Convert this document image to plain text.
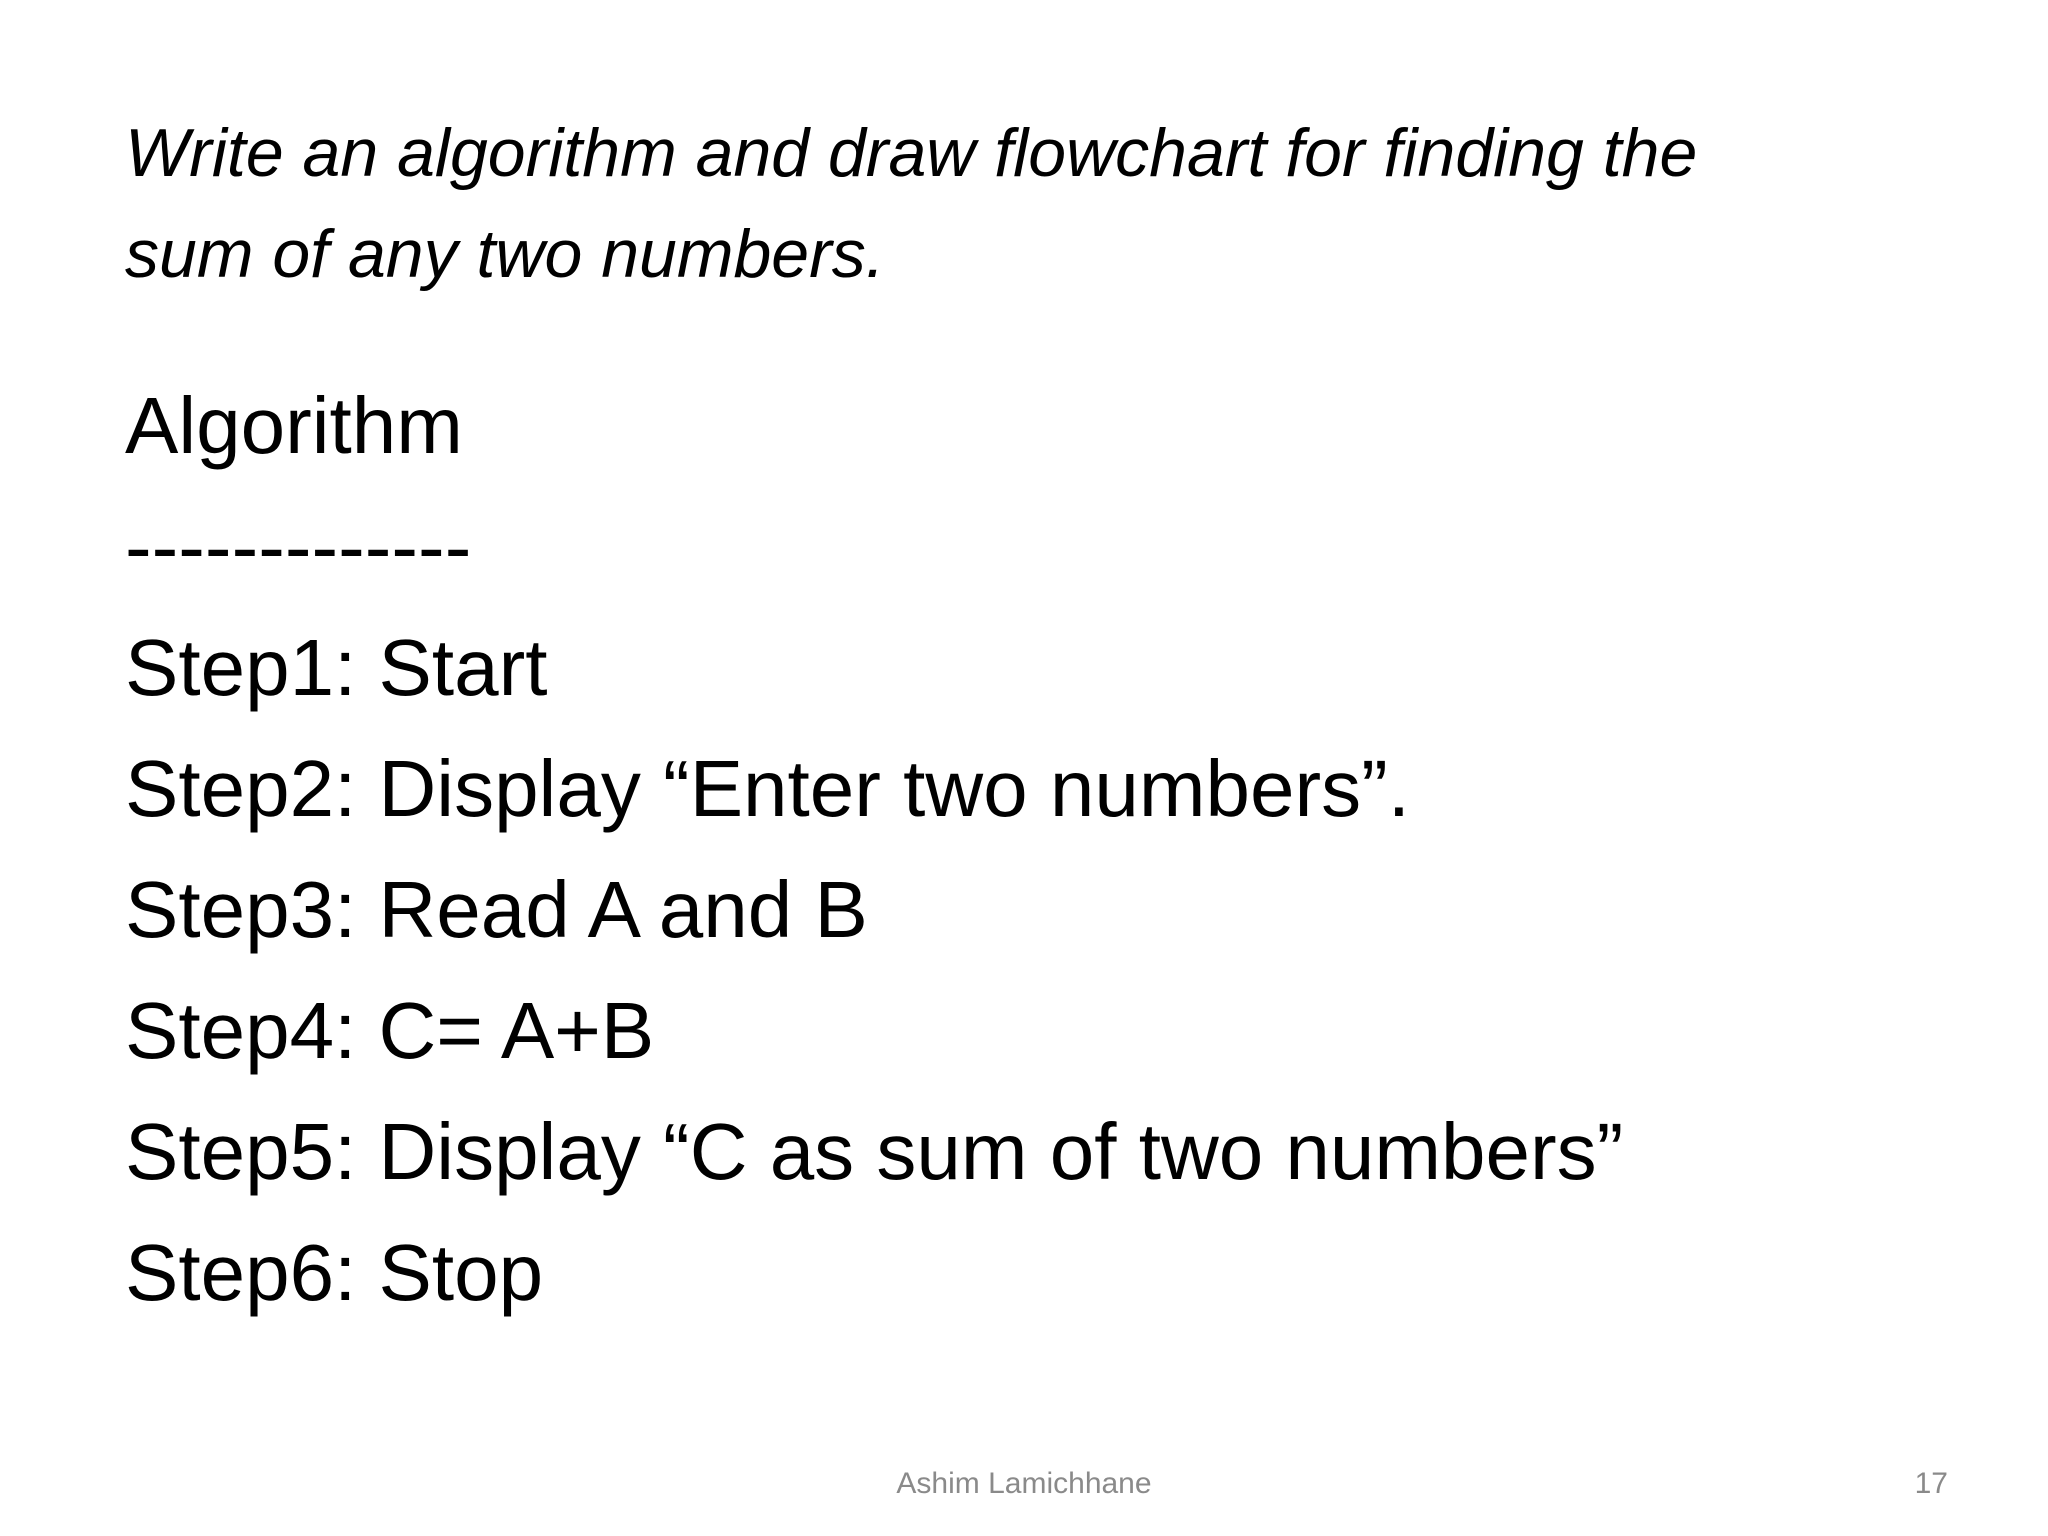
Write an algorithm and draw flowchart for finding the
sum of any two numbers.

Algorithm
-------------
Step1: Start
Step2: Display “Enter two numbers”.
Step3: Read A and B
Step4: C= A+B
Step5: Display “C as sum of two numbers”
Step6: Stop
Ashim Lamichhane	17
